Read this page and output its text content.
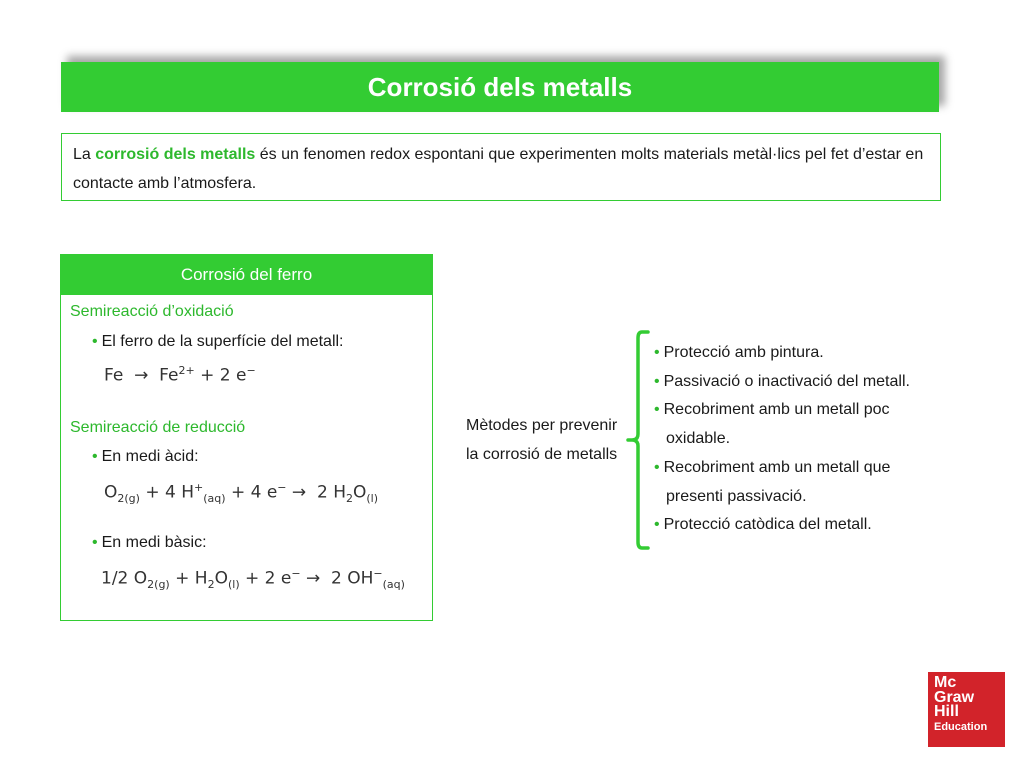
Corrosió dels metalls
La corrosió dels metalls és un fenomen redox espontani que experimenten molts materials metàl·lics pel fet d’estar en contacte amb l’atmosfera.
Corrosió del ferro
Semireacció d’oxidació
• El ferro de la superfície del metall:
$Fe \to Fe^{2+} + 2$ e−
Semireacció de reducció
• En medi àcid:
$O_{2(g)} + 4$ $H^+_{(aq)} + 4$ e− →  2 $H_2O_{(l)}$
• En medi bàsic:
1/2 $O_{2(g)} + H_2O_{(l)} + 2$ e− →  2 $OH^-_{(aq)}$
Mètodes per prevenir
la corrosió de metalls
• Protecció amb pintura.
• Passivació o inactivació del metall.
• Recobriment amb un metall poc oxidable.
• Recobriment amb un metall que presenti passivació.
• Protecció catòdica del metall.
Mc
Graw
Hill
Education
